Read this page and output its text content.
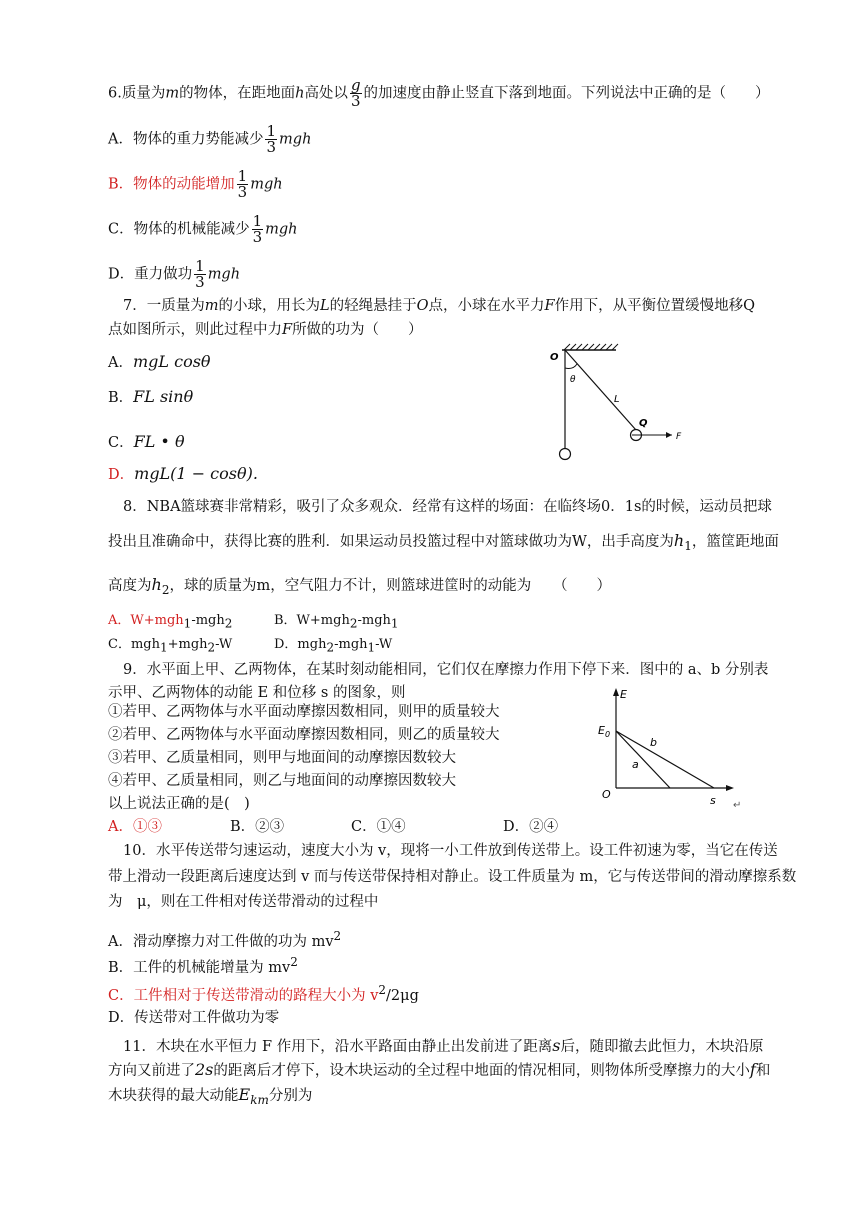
6.质量为m的物体，在距地面h高处以 $\frac{g}{3}$ 的加速度由静止竖直下落到地面。下列说法中正确的是（　　）
A．物体的重力势能减少 $\frac{1}{3}$ mgh
B．物体的动能增加 $\frac{1}{3}$ mgh
C．物体的机械能减少 $\frac{1}{3}$ mgh
D．重力做功 $\frac{1}{3}$ mgh
7．一质量为m的小球，用长为L的轻绳悬挂于O点，小球在水平力F作用下，从平衡位置缓慢地移Q
点如图所示，则此过程中力F所做的功为（　　）
A．mgL cosθ
B．FL sinθ
C．FL • θ
D．mgL(1 − cosθ).
O
θ
L
Q
F
8．NBA篮球赛非常精彩，吸引了众多观众．经常有这样的场面：在临终场0．1s的时候，运动员把球
投出且准确命中，获得比赛的胜利．如果运动员投篮过程中对篮球做功为W，出手高度为$h_1$，篮筐距地面
高度为$h_2$，球的质量为m，空气阻力不计，则篮球进筐时的动能为　　（　　）
A．W+mgh$_1$-mgh$_2$	B．W+mgh$_2$-mgh$_1$
C．mgh$_1$+mgh$_2$-W	D．mgh$_2$-mgh$_1$-W
9．水平面上甲、乙两物体，在某时刻动能相同，它们仅在摩擦力作用下停下来．图中的 a、b 分别表
示甲、乙两物体的动能 E 和位移 s 的图象，则
①若甲、乙两物体与水平面动摩擦因数相同，则甲的质量较大
②若甲、乙两物体与水平面动摩擦因数相同，则乙的质量较大
③若甲、乙质量相同，则甲与地面间的动摩擦因数较大
④若甲、乙质量相同，则乙与地面间的动摩擦因数较大
以上说法正确的是(　)
A．①③	B．②③	C．①④	D．②④
E
$E_0$
b
a
O	s ↵
10．水平传送带匀速运动，速度大小为 v，现将一小工件放到传送带上。设工件初速为零，当它在传送
带上滑动一段距离后速度达到 v 而与传送带保持相对静止。设工件质量为 m，它与传送带间的滑动摩擦系数
为　μ，则在工件相对传送带滑动的过程中
A．滑动摩擦力对工件做的功为 $mv^2$
B．工件的机械能增量为 $mv^2$
C．工件相对于传送带滑动的路程大小为 $v^2/2\mu g$
D．传送带对工件做功为零
11．木块在水平恒力 F 作用下，沿水平路面由静止出发前进了距离s后，随即撤去此恒力，木块沿原
方向又前进了2s的距离后才停下，设木块运动的全过程中地面的情况相同，则物体所受摩擦力的大小f和
木块获得的最大动能$E_{km}$分别为
